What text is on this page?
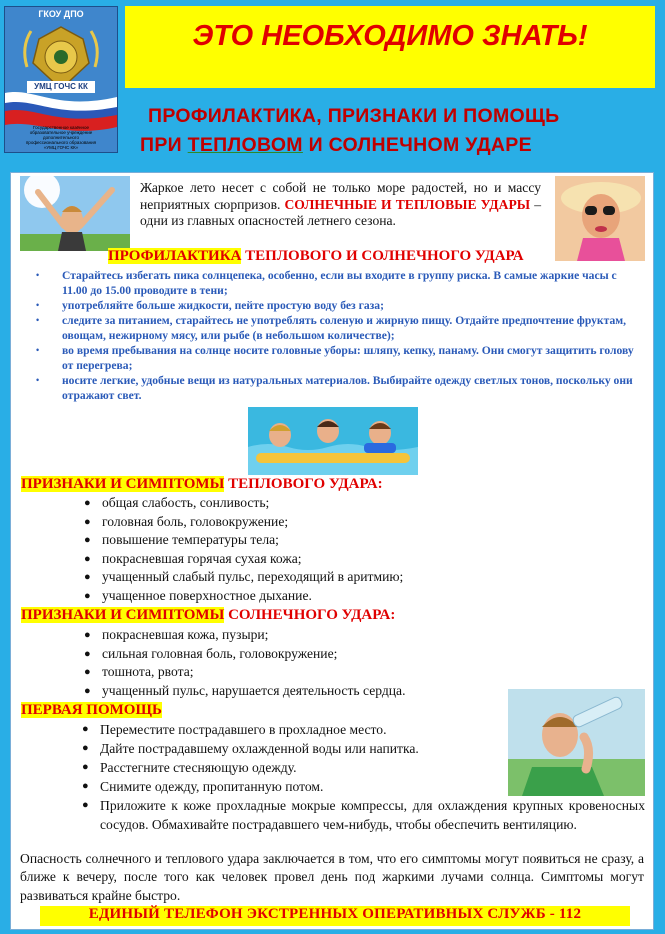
ГКОУ ДПО
УМЦ ГОЧС КК
Государственное казённое
образовательное учреждение
дополнительного
профессионального образования
«УМЦ ГОЧС КК»
ЭТО НЕОБХОДИМО ЗНАТЬ!
ПРОФИЛАКТИКА, ПРИЗНАКИ И ПОМОЩЬ
ПРИ ТЕПЛОВОМ И СОЛНЕЧНОМ УДАРЕ
Жаркое лето несет с собой не только море радостей, но и массу неприятных сюрпризов. СОЛНЕЧНЫЕ И ТЕПЛОВЫЕ УДАРЫ – одни из главных опасностей летнего сезона.
ПРОФИЛАКТИКА ТЕПЛОВОГО И СОЛНЕЧНОГО УДАРА
• Старайтесь избегать пика солнцепека, особенно, если вы входите в группу риска. В самые жаркие часы с 11.00 до 15.00 проводите в тени;
• употребляйте больше жидкости, пейте простую воду без газа;
• следите за питанием, старайтесь не употреблять соленую и жирную пищу. Отдайте предпочтение фруктам, овощам, нежирному мясу, или рыбе (в небольшом количестве);
• во время пребывания на солнце носите головные уборы: шляпу, кепку, панаму. Они смогут защитить голову от перегрева;
• носите легкие, удобные вещи из натуральных материалов. Выбирайте одежду светлых тонов, поскольку они отражают свет.
ПРИЗНАКИ И СИМПТОМЫ ТЕПЛОВОГО УДАРА:
● общая слабость, сонливость;
● головная боль, головокружение;
● повышение температуры тела;
● покрасневшая горячая сухая кожа;
● учащенный слабый пульс, переходящий в аритмию;
● учащенное поверхностное дыхание.
ПРИЗНАКИ И СИМПТОМЫ СОЛНЕЧНОГО УДАРА:
● покрасневшая кожа, пузыри;
● сильная головная боль, головокружение;
● тошнота, рвота;
● учащенный пульс, нарушается деятельность сердца.
ПЕРВАЯ ПОМОЩЬ
● Переместите пострадавшего в прохладное место.
● Дайте пострадавшему охлажденной воды или напитка.
● Расстегните стесняющую одежду.
● Снимите одежду, пропитанную потом.
● Приложите к коже прохладные мокрые компрессы, для охлаждения крупных кровеносных сосудов. Обмахивайте пострадавшего чем-нибудь, чтобы обеспечить вентиляцию.
Опасность солнечного и теплового удара заключается в том, что его симптомы могут появиться не сразу, а ближе к вечеру, после того как человек провел день под жаркими лучами солнца. Симптомы могут развиваться крайне быстро.
ЕДИНЫЙ ТЕЛЕФОН ЭКСТРЕННЫХ ОПЕРАТИВНЫХ СЛУЖБ - 112
